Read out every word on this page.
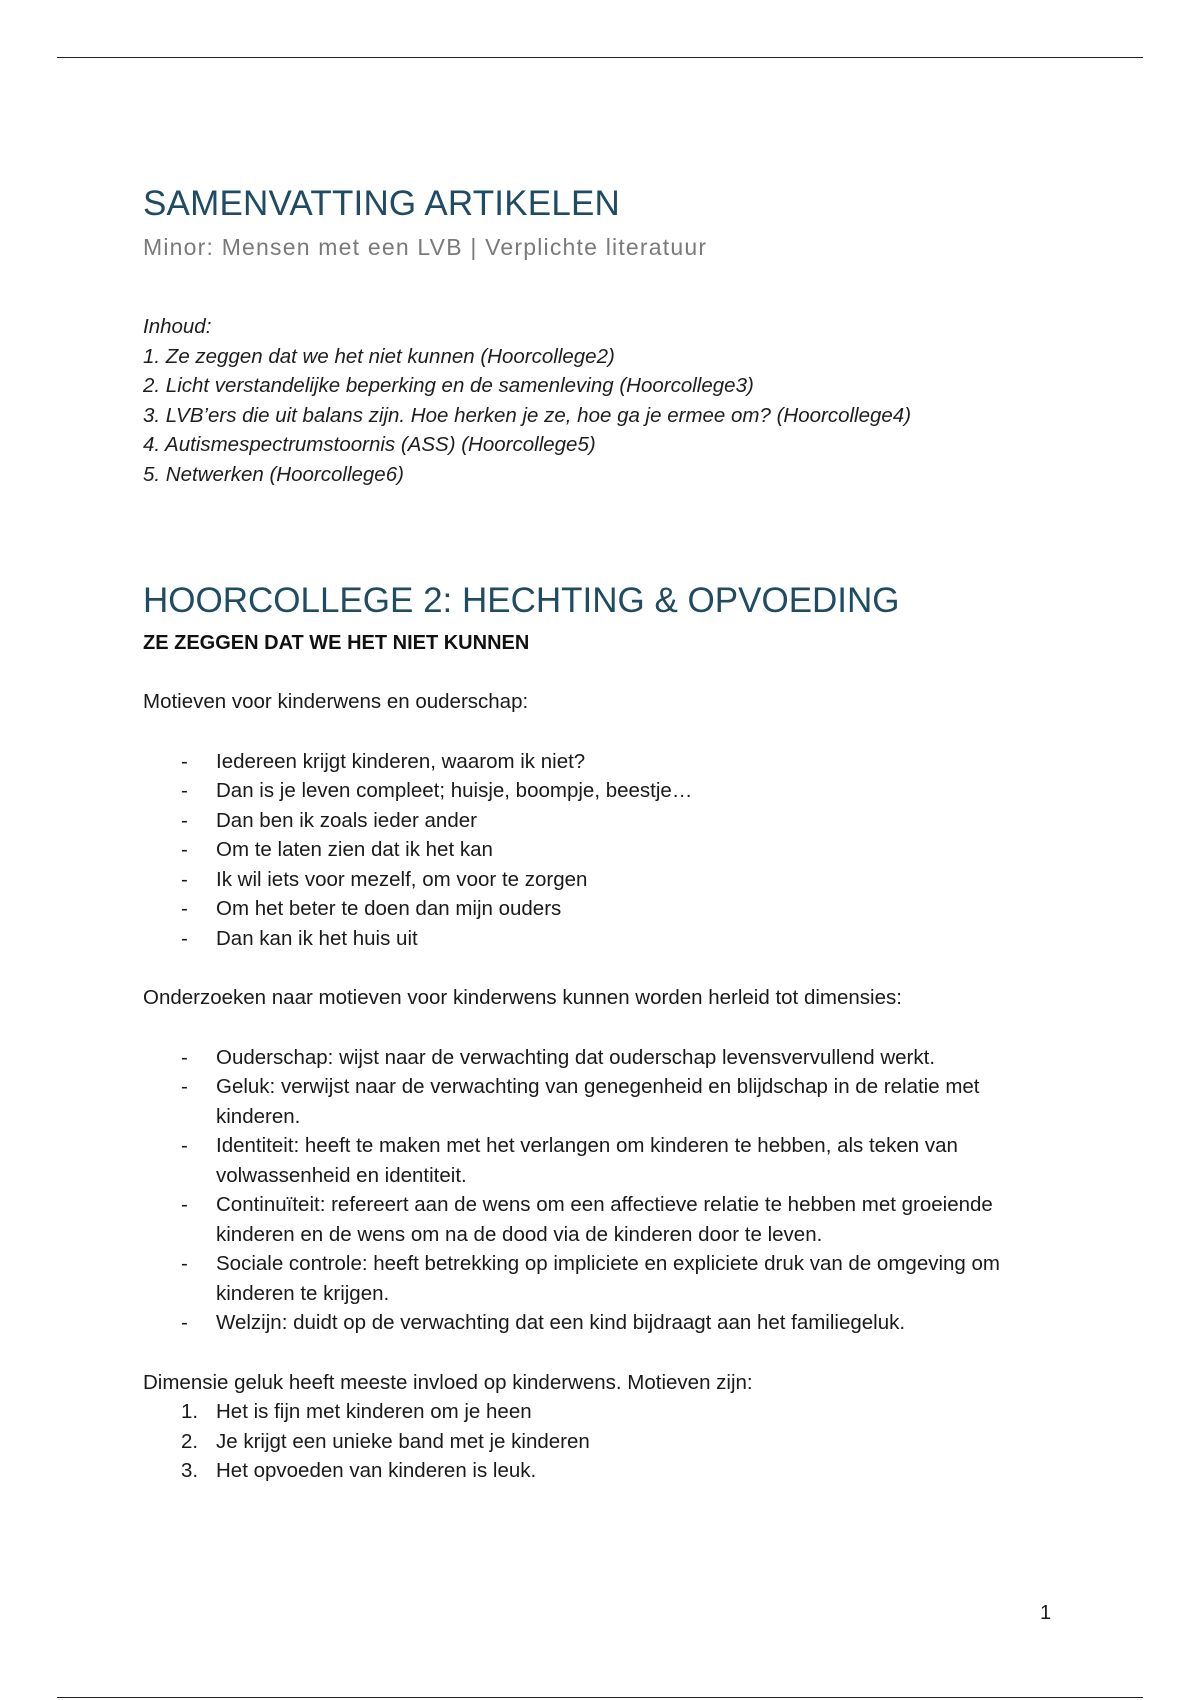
SAMENVATTING ARTIKELEN
Minor: Mensen met een LVB | Verplichte literatuur
Inhoud:
1. Ze zeggen dat we het niet kunnen (Hoorcollege2)
2. Licht verstandelijke beperking en de samenleving (Hoorcollege3)
3. LVB’ers die uit balans zijn. Hoe herken je ze, hoe ga je ermee om? (Hoorcollege4)
4. Autismespectrumstoornis (ASS) (Hoorcollege5)
5. Netwerken (Hoorcollege6)
HOORCOLLEGE 2: HECHTING & OPVOEDING
ZE ZEGGEN DAT WE HET NIET KUNNEN

Motieven voor kinderwens en ouderschap:

- Iedereen krijgt kinderen, waarom ik niet?
- Dan is je leven compleet; huisje, boompje, beestje…
- Dan ben ik zoals ieder ander
- Om te laten zien dat ik het kan
- Ik wil iets voor mezelf, om voor te zorgen
- Om het beter te doen dan mijn ouders
- Dan kan ik het huis uit

Onderzoeken naar motieven voor kinderwens kunnen worden herleid tot dimensies:

- Ouderschap: wijst naar de verwachting dat ouderschap levensvervullend werkt.
- Geluk: verwijst naar de verwachting van genegenheid en blijdschap in de relatie met kinderen.
- Identiteit: heeft te maken met het verlangen om kinderen te hebben, als teken van volwassenheid en identiteit.
- Continuïteit: refereert aan de wens om een affectieve relatie te hebben met groeiende kinderen en de wens om na de dood via de kinderen door te leven.
- Sociale controle: heeft betrekking op impliciete en expliciete druk van de omgeving om kinderen te krijgen.
- Welzijn: duidt op de verwachting dat een kind bijdraagt aan het familiegeluk.

Dimensie geluk heeft meeste invloed op kinderwens. Motieven zijn:

1. Het is fijn met kinderen om je heen
2. Je krijgt een unieke band met je kinderen
3. Het opvoeden van kinderen is leuk.
1
